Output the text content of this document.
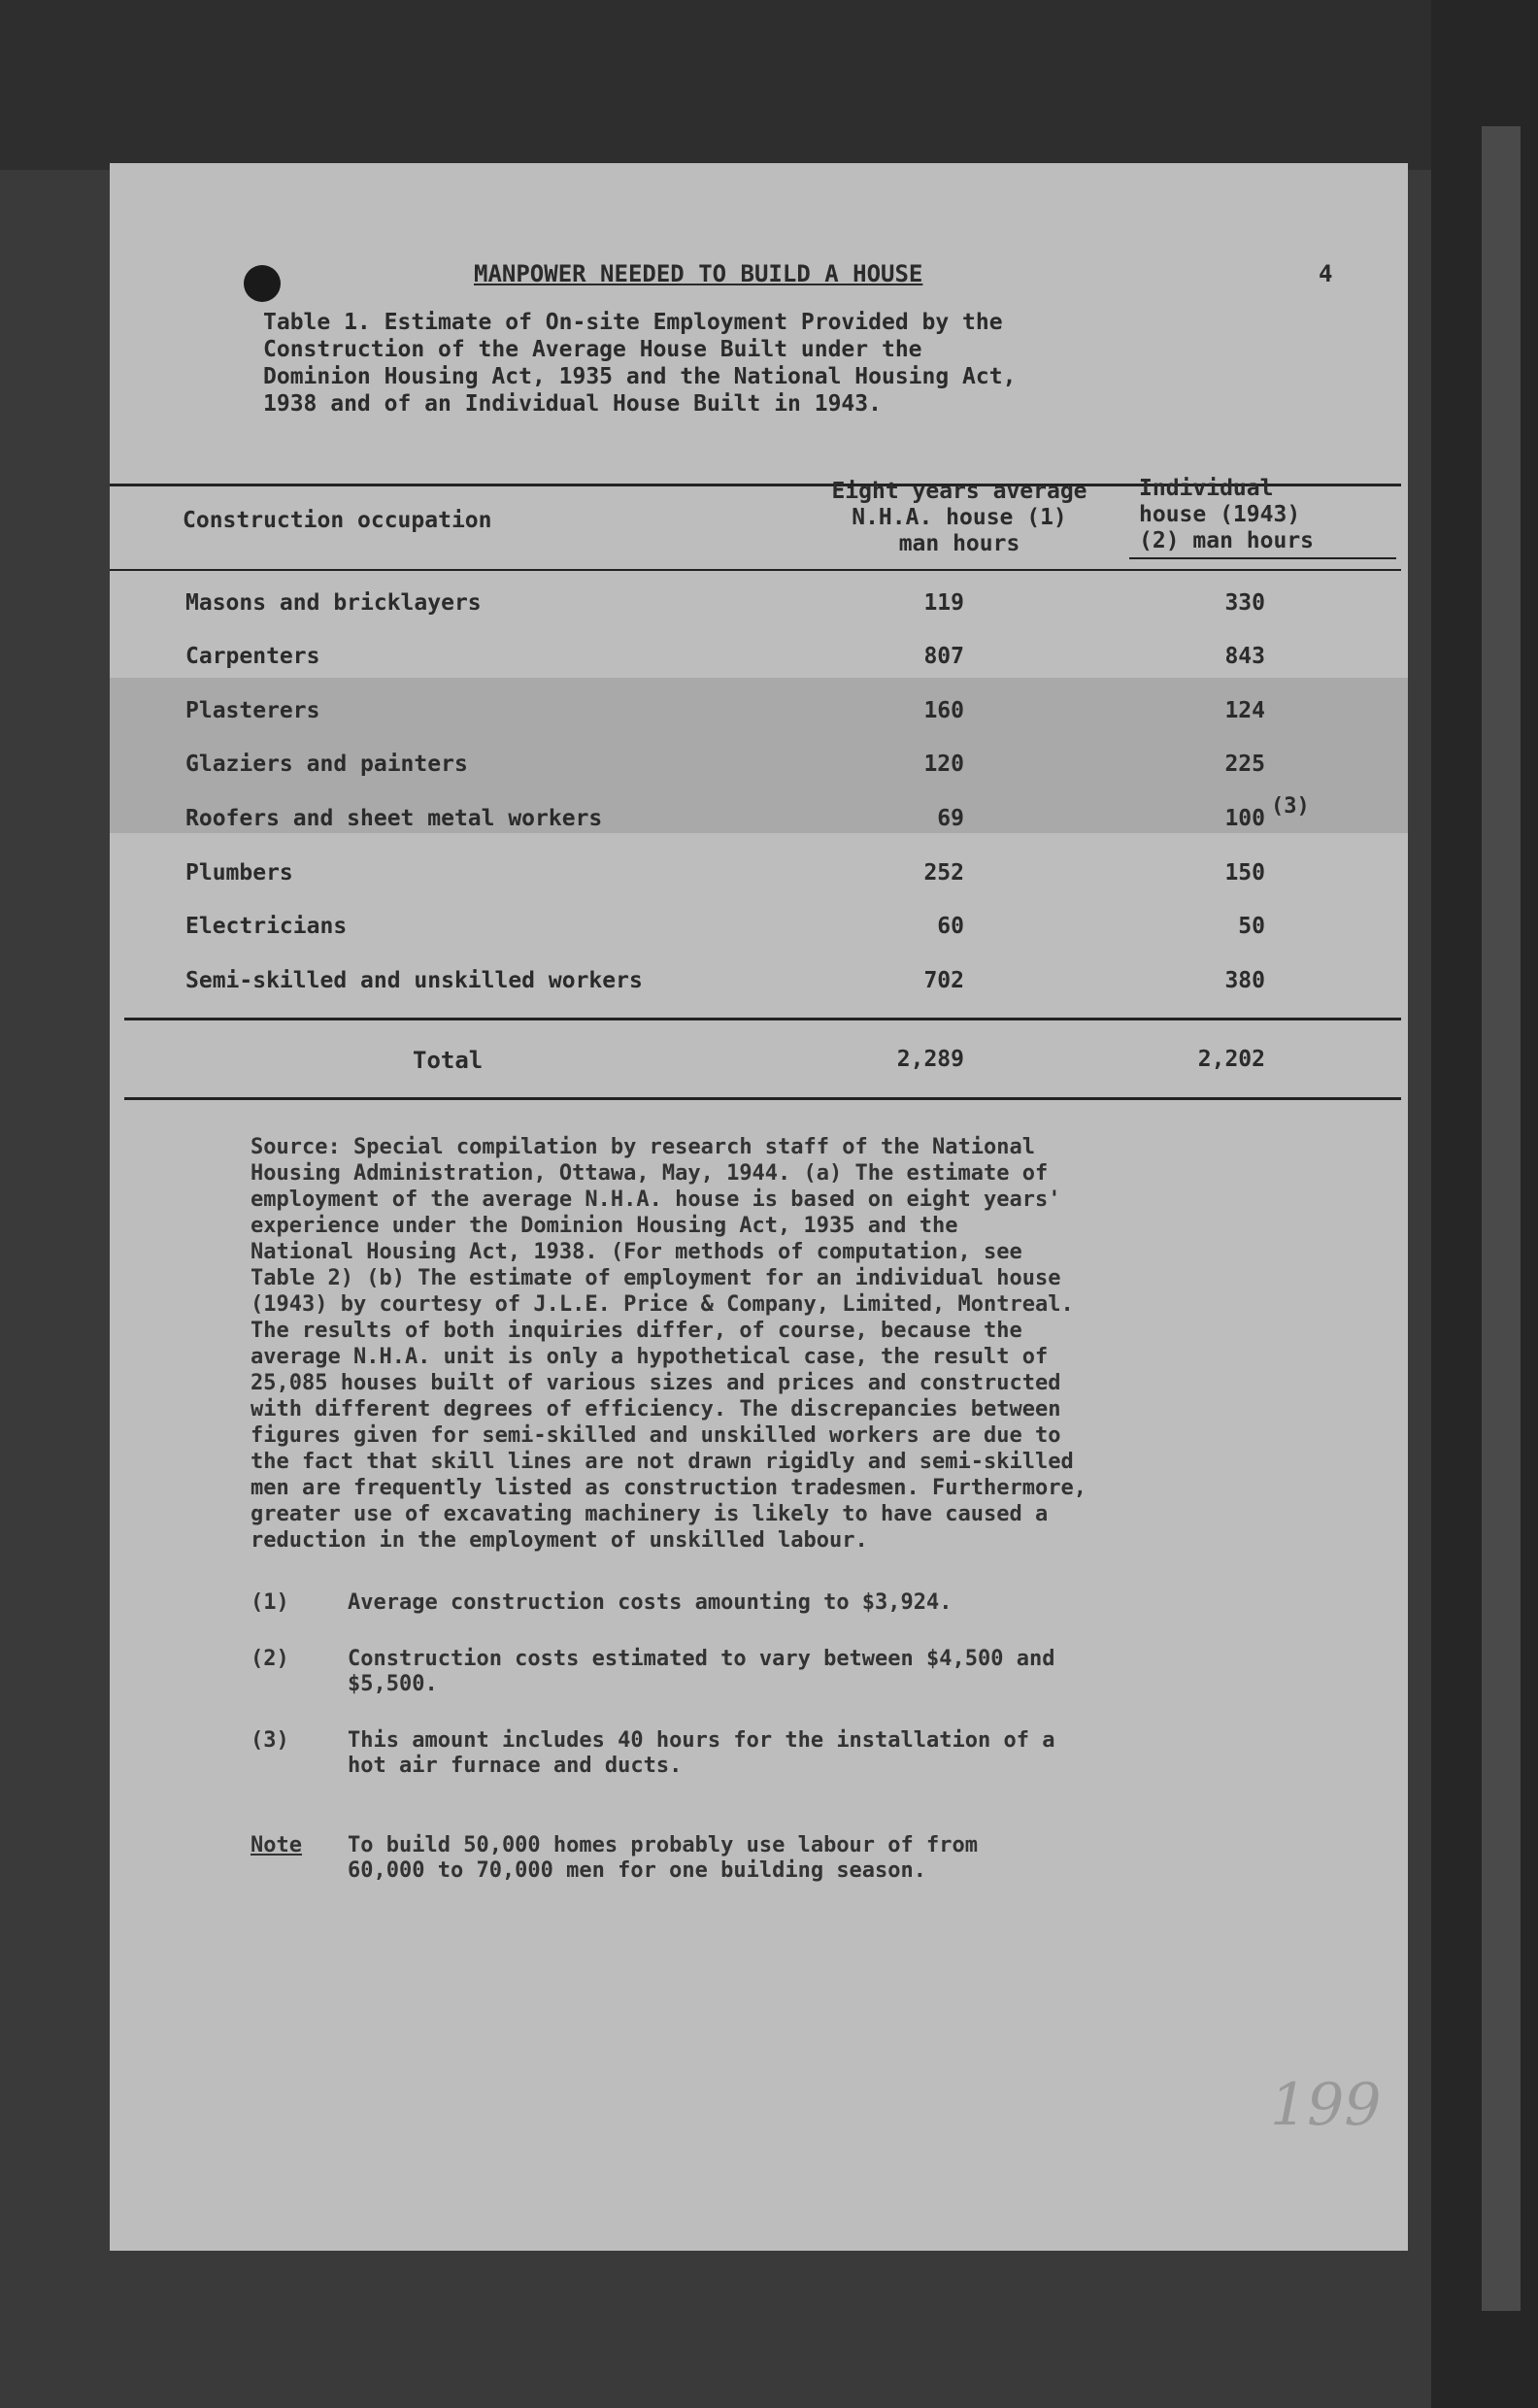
MANPOWER NEEDED TO BUILD A HOUSE	4
Table 1. Estimate of On-site Employment Provided by the
Construction of the Average House Built under the
Dominion Housing Act, 1935 and the National Housing Act,
1938 and of an Individual House Built in 1943.
Construction occupation
Eight years average
N.H.A. house (1)
man hours
Individual
house (1943)
(2) man hours
Masons and bricklayers	119	330
Carpenters	807	843
Plasterers	160	124
Glaziers and painters	120	225
Roofers and sheet metal workers	69	100 (3)
Plumbers	252	150
Electricians	60	50
Semi-skilled and unskilled workers	702	380
Total	2,289	2,202
Source: Special compilation by research staff of the National
Housing Administration, Ottawa, May, 1944. (a) The estimate of
employment of the average N.H.A. house is based on eight years'
experience under the Dominion Housing Act, 1935 and the
National Housing Act, 1938. (For methods of computation, see
Table 2) (b) The estimate of employment for an individual house
(1943) by courtesy of J.L.E. Price & Company, Limited, Montreal.
The results of both inquiries differ, of course, because the
average N.H.A. unit is only a hypothetical case, the result of
25,085 houses built of various sizes and prices and constructed
with different degrees of efficiency. The discrepancies between
figures given for semi-skilled and unskilled workers are due to
the fact that skill lines are not drawn rigidly and semi-skilled
men are frequently listed as construction tradesmen. Furthermore,
greater use of excavating machinery is likely to have caused a
reduction in the employment of unskilled labour.
(1)	Average construction costs amounting to $3,924.
(2)	Construction costs estimated to vary between $4,500 and
$5,500.
(3)	This amount includes 40 hours for the installation of a
hot air furnace and ducts.
Note To build 50,000 homes probably use labour of from
60,000 to 70,000 men for one building season.
199
